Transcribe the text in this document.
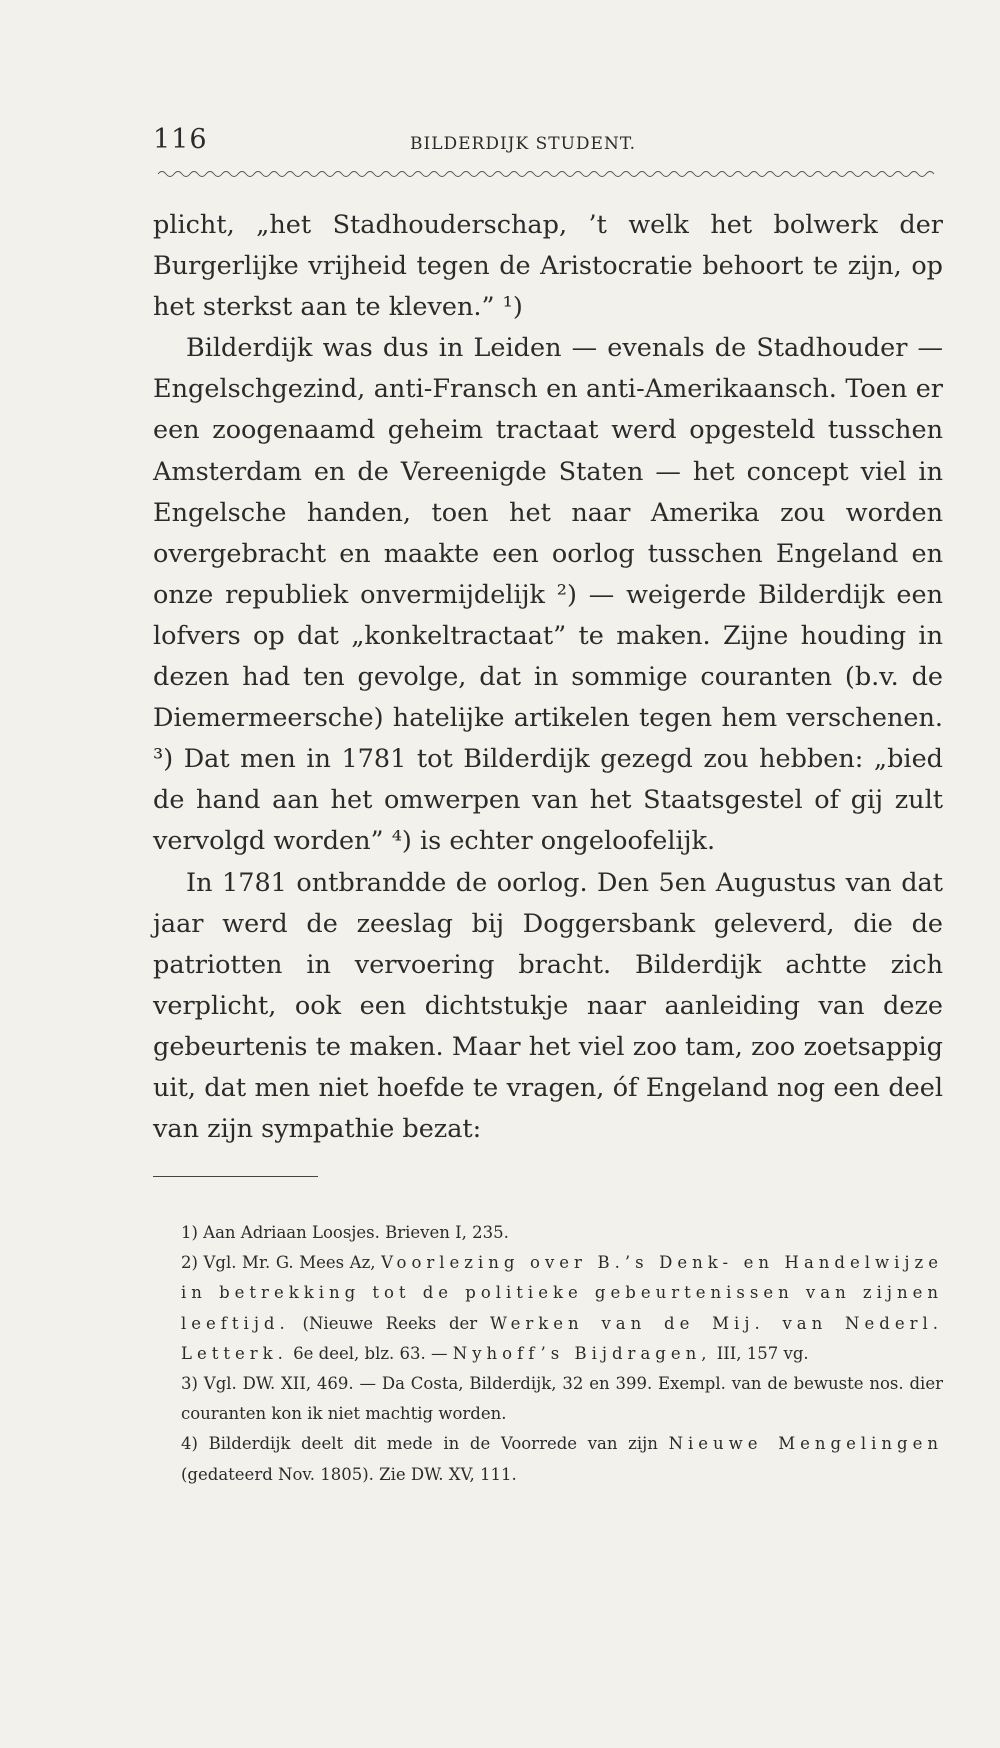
116	BILDERDIJK STUDENT.

plicht, „het Stadhouderschap, ’t welk het bolwerk der Burgerlijke vrijheid tegen de Aristocratie behoort te zijn, op het sterkst aan te kleven.” ¹)

Bilderdijk was dus in Leiden — evenals de Stadhouder — Engelschgezind, anti-Fransch en anti-Amerikaansch. Toen er een zoogenaamd geheim tractaat werd opgesteld tusschen Amsterdam en de Vereenigde Staten — het concept viel in Engelsche handen, toen het naar Amerika zou worden overgebracht en maakte een oorlog tusschen Engeland en onze republiek onvermijdelijk ²) — weigerde Bilderdijk een lofvers op dat „konkeltractaat” te maken. Zijne houding in dezen had ten gevolge, dat in sommige couranten (b.v. de Diemermeersche) hatelijke artikelen tegen hem verschenen. ³) Dat men in 1781 tot Bilderdijk gezegd zou hebben: „bied de hand aan het omwerpen van het Staatsgestel of gij zult vervolgd worden” ⁴) is echter ongeloofelijk.

In 1781 ontbrandde de oorlog. Den 5en Augustus van dat jaar werd de zeeslag bij Doggersbank geleverd, die de patriotten in vervoering bracht. Bilderdijk achtte zich verplicht, ook een dichtstukje naar aanleiding van deze gebeurtenis te maken. Maar het viel zoo tam, zoo zoetsappig uit, dat men niet hoefde te vragen, óf Engeland nog een deel van zijn sympathie bezat:

1) Aan Adriaan Loosjes. Brieven I, 235.

2) Vgl. Mr. G. Mees Az, Voorlezing over B.’s Denk- en Handelwijze in betrekking tot de politieke gebeurtenissen van zijnen leeftijd. (Nieuwe Reeks der Werken van de Mij. van Nederl. Letterk. 6e deel, blz. 63. — Nyhoff’s Bijdragen, III, 157 vg.

3) Vgl. DW. XII, 469. — Da Costa, Bilderdijk, 32 en 399. Exempl. van de bewuste nos. dier couranten kon ik niet machtig worden.

4) Bilderdijk deelt dit mede in de Voorrede van zijn Nieuwe Mengelingen (gedateerd Nov. 1805). Zie DW. XV, 111.
